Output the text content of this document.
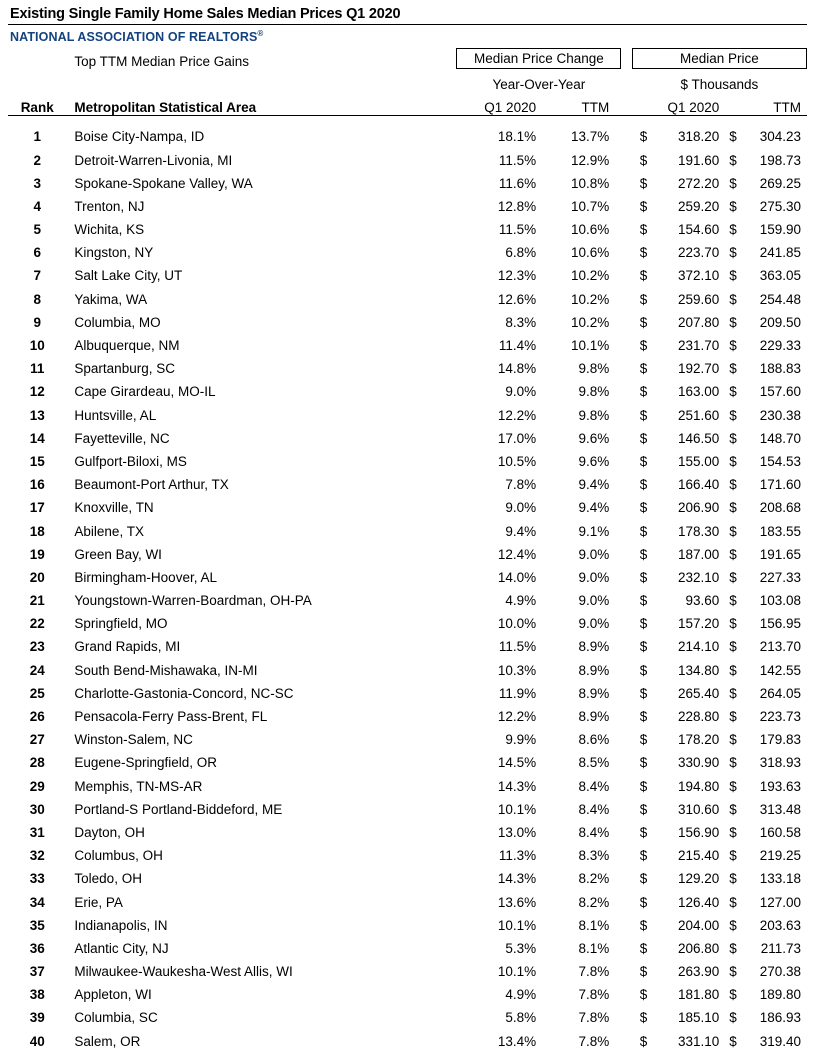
Existing Single Family Home Sales Median Prices Q1 2020
NATIONAL ASSOCIATION OF REALTORS®
	Top TTM Median Price Gains	Median Price Change			Median Price			

		Year-Over-Year			$ Thousands			
Rank	Metropolitan Statistical Area	Q1 2020	TTM		Q1 2020		TTM	

1	Boise City-Nampa, ID	18.1%	13.7%		$	318.20	$	304.23
2	Detroit-Warren-Livonia, MI	11.5%	12.9%		$	191.60	$	198.73
3	Spokane-Spokane Valley, WA	11.6%	10.8%		$	272.20	$	269.25
4	Trenton, NJ	12.8%	10.7%		$	259.20	$	275.30
5	Wichita, KS	11.5%	10.6%		$	154.60	$	159.90
6	Kingston, NY	6.8%	10.6%		$	223.70	$	241.85
7	Salt Lake City, UT	12.3%	10.2%		$	372.10	$	363.05
8	Yakima, WA	12.6%	10.2%		$	259.60	$	254.48
9	Columbia, MO	8.3%	10.2%		$	207.80	$	209.50
10	Albuquerque, NM	11.4%	10.1%		$	231.70	$	229.33
11	Spartanburg, SC	14.8%	9.8%		$	192.70	$	188.83
12	Cape Girardeau, MO-IL	9.0%	9.8%		$	163.00	$	157.60
13	Huntsville, AL	12.2%	9.8%		$	251.60	$	230.38
14	Fayetteville, NC	17.0%	9.6%		$	146.50	$	148.70
15	Gulfport-Biloxi, MS	10.5%	9.6%		$	155.00	$	154.53
16	Beaumont-Port Arthur, TX	7.8%	9.4%		$	166.40	$	171.60
17	Knoxville, TN	9.0%	9.4%		$	206.90	$	208.68
18	Abilene, TX	9.4%	9.1%		$	178.30	$	183.55
19	Green Bay, WI	12.4%	9.0%		$	187.00	$	191.65
20	Birmingham-Hoover, AL	14.0%	9.0%		$	232.10	$	227.33
21	Youngstown-Warren-Boardman, OH-PA	4.9%	9.0%		$	93.60	$	103.08
22	Springfield, MO	10.0%	9.0%		$	157.20	$	156.95
23	Grand Rapids, MI	11.5%	8.9%		$	214.10	$	213.70
24	South Bend-Mishawaka, IN-MI	10.3%	8.9%		$	134.80	$	142.55
25	Charlotte-Gastonia-Concord, NC-SC	11.9%	8.9%		$	265.40	$	264.05
26	Pensacola-Ferry Pass-Brent, FL	12.2%	8.9%		$	228.80	$	223.73
27	Winston-Salem, NC	9.9%	8.6%		$	178.20	$	179.83
28	Eugene-Springfield, OR	14.5%	8.5%		$	330.90	$	318.93
29	Memphis, TN-MS-AR	14.3%	8.4%		$	194.80	$	193.63
30	Portland-S Portland-Biddeford, ME	10.1%	8.4%		$	310.60	$	313.48
31	Dayton, OH	13.0%	8.4%		$	156.90	$	160.58
32	Columbus, OH	11.3%	8.3%		$	215.40	$	219.25
33	Toledo, OH	14.3%	8.2%		$	129.20	$	133.18
34	Erie, PA	13.6%	8.2%		$	126.40	$	127.00
35	Indianapolis, IN	10.1%	8.1%		$	204.00	$	203.63
36	Atlantic City, NJ	5.3%	8.1%		$	206.80	$	211.73
37	Milwaukee-Waukesha-West Allis, WI	10.1%	7.8%		$	263.90	$	270.38
38	Appleton, WI	4.9%	7.8%		$	181.80	$	189.80
39	Columbia, SC	5.8%	7.8%		$	185.10	$	186.93
40	Salem, OR	13.4%	7.8%		$	331.10	$	319.40
